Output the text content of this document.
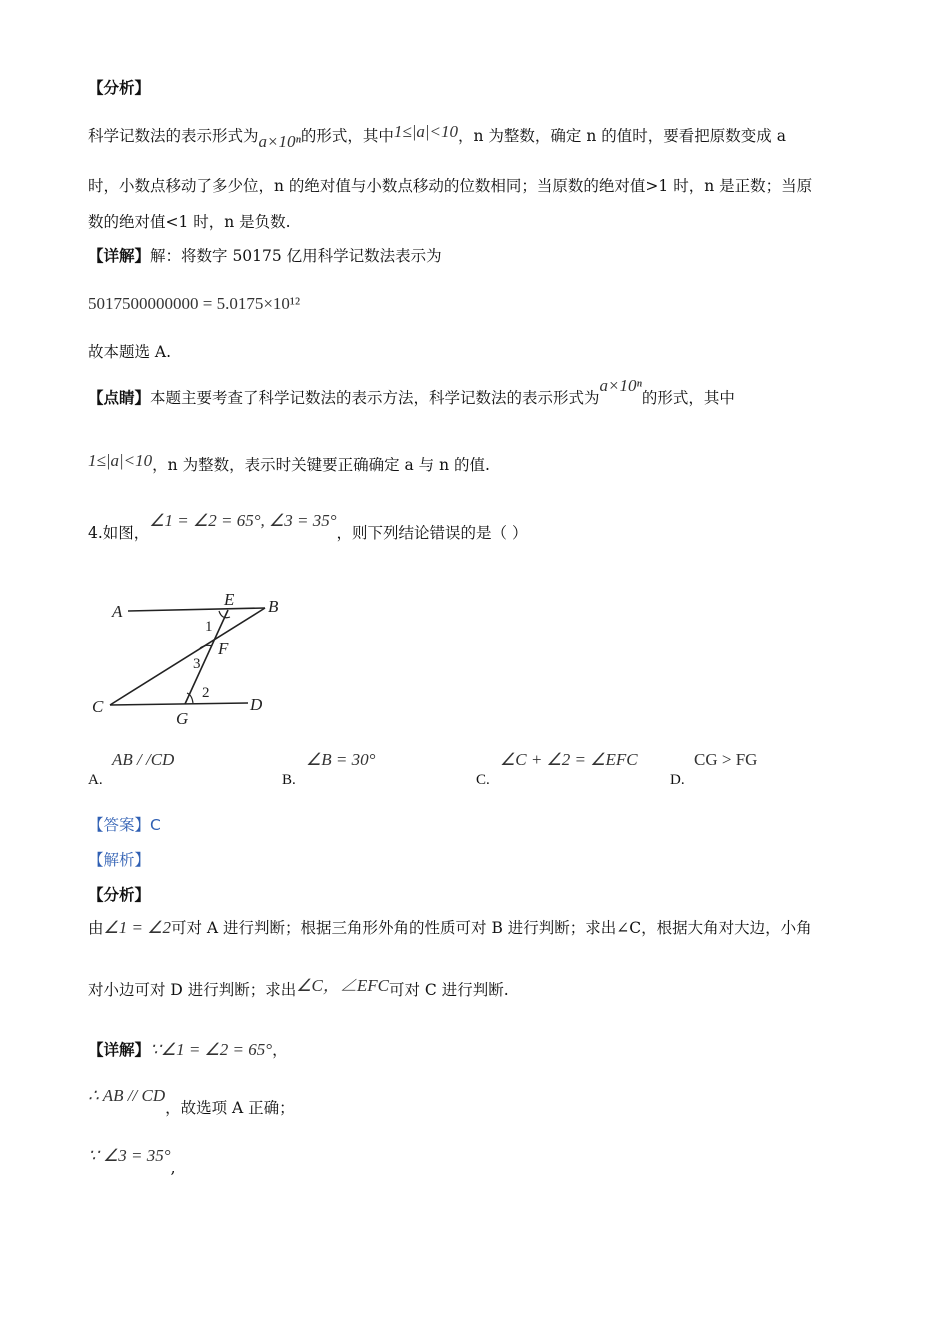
【分析】
科学记数法的表示形式为a×10ⁿ的形式，其中1≤|a|<10，n 为整数，确定 n 的值时，要看把原数变成 a
时，小数点移动了多少位，n 的绝对值与小数点移动的位数相同；当原数的绝对值>1 时，n 是正数；当原
数的绝对值<1 时，n 是负数.
【详解】解：将数字 50175 亿用科学记数法表示为
5017500000000 = 5.0175×10¹²
故本题选 A.
【点睛】本题主要考查了科学记数法的表示方法，科学记数法的表示形式为a×10ⁿ的形式，其中
1≤|a|<10，n 为整数，表示时关键要正确确定 a 与 n 的值.
4.如图，∠1 = ∠2 = 65°, ∠3 = 35°，则下列结论错误的是（ ）
A
E B
F
C
G
D
1
3
2
A.
AB / /CD
B.
∠B = 30°
C.
∠C + ∠2 = ∠EFC
D.
CG > FG
【答案】C
【解析】
【分析】
由∠1 = ∠2可对 A 进行判断；根据三角形外角的性质可对 B 进行判断；求出∠C，根据大角对大边，小角
对小边可对 D 进行判断；求出∠C，∠EFC可对 C 进行判断.
【详解】∵∠1 = ∠2 = 65°，
∴ AB // CD，故选项 A 正确；
∵ ∠3 = 35°,
